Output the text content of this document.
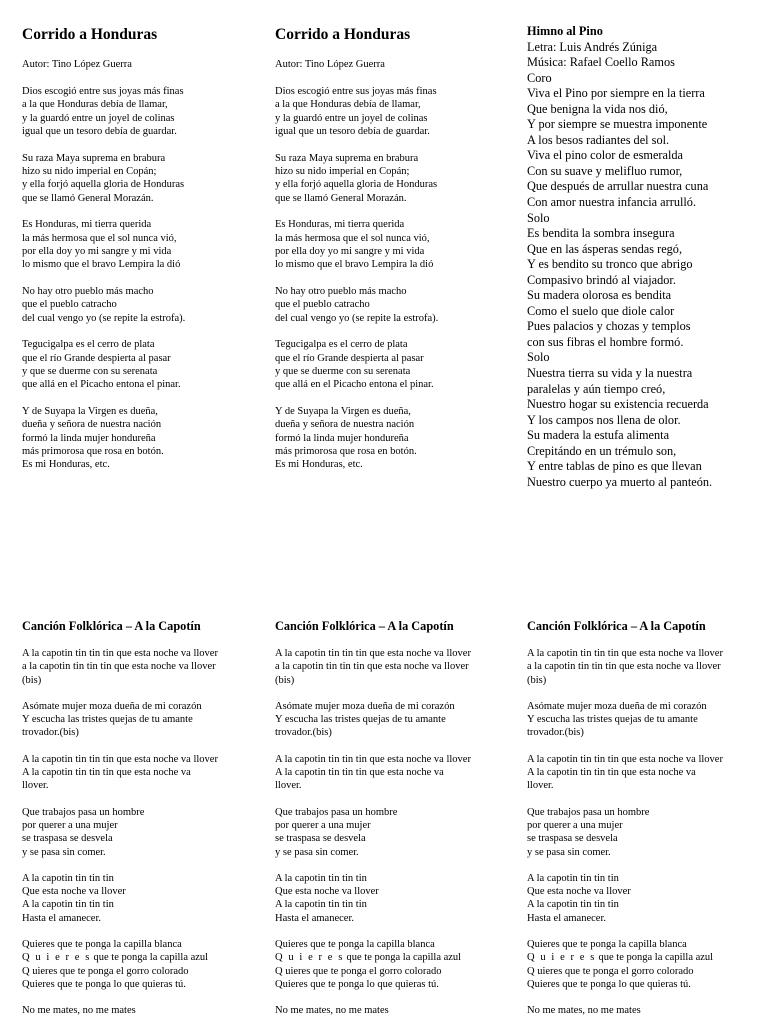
Corrido a Honduras
Autor: Tino López Guerra
Dios escogió entre sus joyas más finas
a la que Honduras debía de llamar,
y la guardó entre un joyel de colinas
igual que un tesoro debía de guardar.
Su raza Maya suprema en brabura
hizo su nido imperial en Copán;
y ella forjó aquella gloria de Honduras
que se llamó General Morazán.
Es Honduras, mi tierra querida
la más hermosa que el sol nunca vió,
por ella doy yo mi sangre y mi vida
lo mismo que el bravo Lempira la dió
No hay otro pueblo más macho
que el pueblo catracho
del cual vengo yo (se repite la estrofa).
Tegucigalpa es el cerro de plata
que el río Grande despierta al pasar
y que se duerme con su serenata
que allá en el Picacho entona el pinar.
Y de Suyapa la Virgen es dueña,
dueña y señora de nuestra nación
formó la linda mujer hondureña
más primorosa que rosa en botón.
Es mi Honduras, etc.
Corrido a Honduras
Autor: Tino López Guerra
Dios escogió entre sus joyas más finas
a la que Honduras debía de llamar,
y la guardó entre un joyel de colinas
igual que un tesoro debía de guardar.
Su raza Maya suprema en brabura
hizo su nido imperial en Copán;
y ella forjó aquella gloria de Honduras
que se llamó General Morazán.
Es Honduras, mi tierra querida
la más hermosa que el sol nunca vió,
por ella doy yo mi sangre y mi vida
lo mismo que el bravo Lempira la dió
No hay otro pueblo más macho
que el pueblo catracho
del cual vengo yo (se repite la estrofa).
Tegucigalpa es el cerro de plata
que el río Grande despierta al pasar
y que se duerme con su serenata
que allá en el Picacho entona el pinar.
Y de Suyapa la Virgen es dueña,
dueña y señora de nuestra nación
formó la linda mujer hondureña
más primorosa que rosa en botón.
Es mi Honduras, etc.
Himno al Pino
Letra: Luis Andrés Zúniga
Música: Rafael Coello Ramos
Coro
Viva el Pino por siempre en la tierra
Que benigna la vida nos dió,
Y por siempre se muestra imponente
A los besos radiantes del sol.
Viva el pino color de esmeralda
Con su suave y melifluo rumor,
Que después de arrullar nuestra cuna
Con amor nuestra infancia arrulló.
Solo
Es bendita la sombra insegura
Que en las ásperas sendas regó,
Y es bendito su tronco que abrigo
Compasivo brindó al viajador.
Su madera olorosa es bendita
Como el suelo que diole calor
Pues palacios y chozas y templos
con sus fibras el hombre formó.
Solo
Nuestra tierra su vida y la nuestra
paralelas y aún tiempo creó,
Nuestro hogar su existencia recuerda
Y los campos nos llena de olor.
Su madera la estufa alimenta
Crepitándo en un trémulo son,
Y entre tablas de pino es que llevan
Nuestro cuerpo ya muerto al panteón.
Canción Folklórica – A la Capotín
A la capotin tin tin tin que esta noche va llover
a la capotin tin tin tin que esta noche va llover
(bis)
Asómate mujer moza dueña de mi corazón
Y escucha las tristes quejas de tu amante
trovador.(bis)
A la capotin tin tin tin que esta noche va llover
A la capotin tin tin tin que esta noche va
llover.
Que trabajos pasa un hombre
por querer a una mujer
se traspasa se desvela
y se pasa sin comer.
A la capotin tin tin tin
Que esta noche va llover
A la capotin tin tin tin
Hasta el amanecer.
Quieres que te ponga la capilla blanca
Q u i e r e s que te ponga la capilla azul
Q uieres que te ponga el gorro colorado
Quieres que te ponga lo que quieras tú.
No me mates, no me mates
Canción Folklórica – A la Capotín
A la capotin tin tin tin que esta noche va llover
a la capotin tin tin tin que esta noche va llover
(bis)
Asómate mujer moza dueña de mi corazón
Y escucha las tristes quejas de tu amante
trovador.(bis)
A la capotin tin tin tin que esta noche va llover
A la capotin tin tin tin que esta noche va
llover.
Que trabajos pasa un hombre
por querer a una mujer
se traspasa se desvela
y se pasa sin comer.
A la capotin tin tin tin
Que esta noche va llover
A la capotin tin tin tin
Hasta el amanecer.
Quieres que te ponga la capilla blanca
Q u i e r e s que te ponga la capilla azul
Q uieres que te ponga el gorro colorado
Quieres que te ponga lo que quieras tú.
No me mates, no me mates
Canción Folklórica – A la Capotín
A la capotin tin tin tin que esta noche va llover
a la capotin tin tin tin que esta noche va llover
(bis)
Asómate mujer moza dueña de mi corazón
Y escucha las tristes quejas de tu amante
trovador.(bis)
A la capotin tin tin tin que esta noche va llover
A la capotin tin tin tin que esta noche va
llover.
Que trabajos pasa un hombre
por querer a una mujer
se traspasa se desvela
y se pasa sin comer.
A la capotin tin tin tin
Que esta noche va llover
A la capotin tin tin tin
Hasta el amanecer.
Quieres que te ponga la capilla blanca
Q u i e r e s que te ponga la capilla azul
Q uieres que te ponga el gorro colorado
Quieres que te ponga lo que quieras tú.
No me mates, no me mates
